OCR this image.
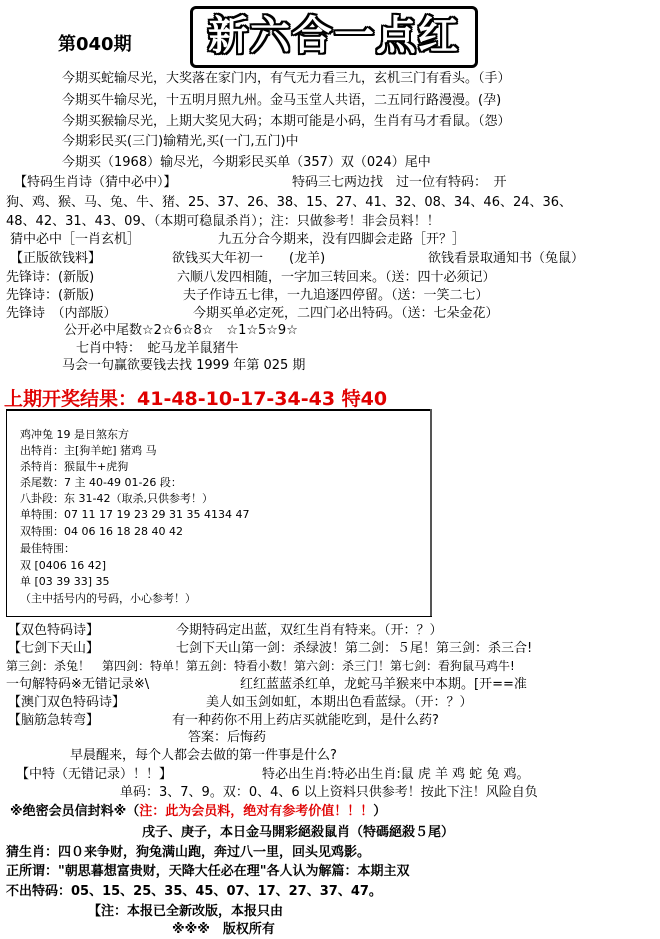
第040期	新六合一点红
今期买蛇输尽光，大奖落在家门内，有气无力看三九，玄机三门有看头。（手）
今期买牛输尽光，十五明月照九州。金马玉堂人共语，二五同行路漫漫。(孕)
今期买猴输尽光，上期大奖见大码；本期可能是小码，生肖有马才看鼠。（怨）
今期彩民买(三门)输精光,买(一门,五门)中
今期买（1968）输尽光，今期彩民买单（357）双（024）尾中
【特码生肖诗（猜中必中）】	特码三七两边找　过一位有特码：　开
狗、鸡、猴、马、兔、牛、猪、25、37、26、38、15、27、41、32、08、34、46、24、36、
48、42、31、43、09、（本期可稳鼠杀肖）；注：只做参考！非会员料！！
猜中必中［一肖玄机］	九五分合今期来，没有四脚会走路［开？］
【正版欲钱料】	欲钱买大年初一　　(龙羊)	欲钱看景取通知书（兔鼠）
先锋诗：(新版)	六顺八发四相随，一字加三转回来。（送：四十必须记）
先锋诗：(新版)	夫子作诗五七律，一九追逐四停留。（送：一笑二七）
先锋诗　（内部版）	今期买单必定死，二四门必出特码。（送：七朵金花）
公开必中尾数☆2☆6☆8☆　☆1☆5☆9☆
七肖中特：　蛇马龙羊鼠猪牛
马会一句赢欲要钱去找 1999 年第 025 期
上期开奖结果：41-48-10-17-34-43 特40
鸡冲兔 19 是日煞东方
出特肖：主[狗羊蛇] 猪鸡 马
杀特肖：猴鼠牛+虎狗
杀尾数：7 主 40-49 01-26 段：
八卦段：东 31-42（取杀,只供参考！）
单特围：07 11 17 19 23 29 31 35 4134 47
双特围：04 06 16 18 28 40 42
最佳特围：
双 [0406 16 42]
单 [03 39 33] 35
（主中括号内的号码，小心参考！）
【双色特码诗】	今期特码定出蓝，双红生肖有特来。（开：？）
【七剑下天山】	七剑下天山第一剑：杀绿波！第二剑：５尾！第三剑：杀三合!
第三剑：杀兔！　第四剑：特单！第五剑：特看小数！第六剑：杀三门！第七剑：看狗鼠马鸡牛!
一句解特码※无错记录※\	红红蓝蓝杀红单，龙蛇马羊猴来中本期。[开==准
【澳门双色特码诗】	美人如玉剑如虹，本期出色看蓝绿。（开：？）
【脑筋急转弯】	有一种药你不用上药店买就能吃到，是什么药?
答案：后悔药
早晨醒来，每个人都会去做的第一件事是什么?
【中特（无错记录）！！】	特必出生肖:特必出生肖:鼠 虎 羊 鸡 蛇 兔 鸡。
单码：3、7、9。双：0、4、6 以上资料只供参考！按此下注！风险自负
※绝密会员信封料※（注：此为会员料，绝对有参考价值！！！）
戌子、庚子，本日金马開彩絕殺鼠肖（特碼絕殺５尾）
猜生肖：四０来争财，狗兔满山跑，奔过八一里，回头见鸡影。
正所谓："朝思暮想富贵财，天降大任必在理"各人认为解篇：本期主双
不出特码：05、15、25、35、45、07、17、27、37、47。
【注：本报已全新改版，本报只由
※※※　版权所有
